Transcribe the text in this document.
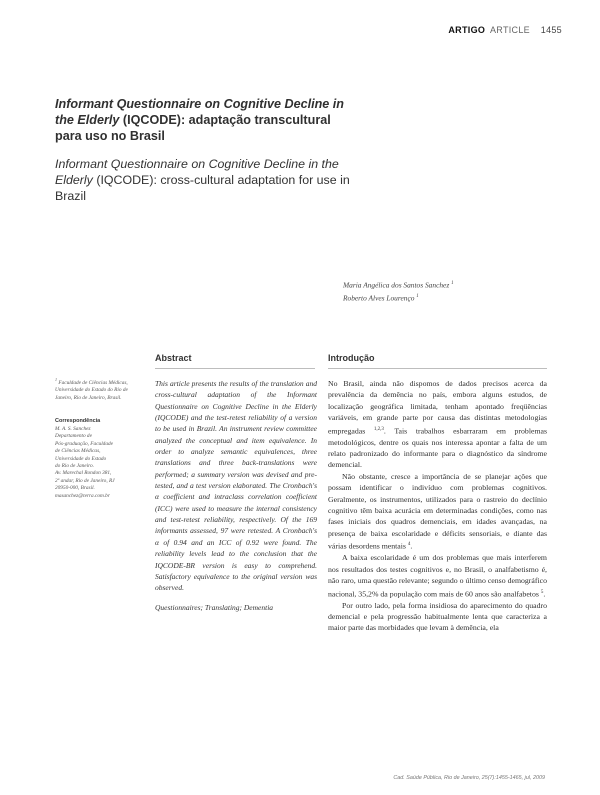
ARTIGO ARTICLE 1455
Informant Questionnaire on Cognitive Decline in the Elderly (IQCODE): adaptação transcultural para uso no Brasil
Informant Questionnaire on Cognitive Decline in the Elderly (IQCODE): cross-cultural adaptation for use in Brazil
Maria Angélica dos Santos Sanchez $^1$
Roberto Alves Lourenço $^1$
Abstract	Introdução
$^1$ Faculdade de Ciências Médicas, Universidade do Estado do Rio de Janeiro, Rio de Janeiro, Brasil.
Correspondência
M. A. S. Sanchez
Departamento de
Pós-graduação, Faculdade
de Ciências Médicas,
Universidade do Estado
do Rio de Janeiro.
Av. Marechal Rondon 381,
2º andar, Rio de Janeiro, RJ
20950-000, Brasil.
masanchez@terra.com.br

This article presents the results of the translation and cross-cultural adaptation of the Informant Questionnaire on Cognitive Decline in the Elderly (IQCODE) and the test-retest reliability of a version to be used in Brazil. An instrument review committee analyzed the conceptual and item equivalence. In order to analyze semantic equivalences, three translations and three back-translations were performed; a summary version was devised and pre-tested, and a test version elaborated. The Cronbach's α coefficient and intraclass correlation coefficient (ICC) were used to measure the internal consistency and test-retest reliability, respectively. Of the 169 informants assessed, 97 were retested. A Cronbach's α of 0.94 and an ICC of 0.92 were found. The reliability levels lead to the conclusion that the IQCODE-BR version is easy to comprehend. Satisfactory equivalence to the original version was observed.

Questionnaires; Translating; Dementia

No Brasil, ainda não dispomos de dados precisos acerca da prevalência da demência no país, embora alguns estudos, de localização geográfica limitada, tenham apontado freqüências variáveis, em grande parte por causa das distintas metodologias empregadas $^{1,2,3}$. Tais trabalhos esbarraram em problemas metodológicos, dentre os quais nos interessa apontar a falta de um relato padronizado do informante para o diagnóstico da síndrome demencial.

Não obstante, cresce a importância de se planejar ações que possam identificar o indivíduo com problemas cognitivos. Geralmente, os instrumentos, utilizados para o rastreio do declínio cognitivo têm baixa acurácia em determinadas condições, como nas fases iniciais dos quadros demenciais, em idades avançadas, na presença de baixa escolaridade e déficits sensoriais, e diante das várias desordens mentais $^4$.

A baixa escolaridade é um dos problemas que mais interferem nos resultados dos testes cognitivos e, no Brasil, o analfabetismo é, não raro, uma questão relevante; segundo o último censo demográfico nacional, 35,2% da população com mais de 60 anos são analfabetos $^5$.

Por outro lado, pela forma insidiosa do aparecimento do quadro demencial e pela progressão habitualmente lenta que caracteriza a maior parte das morbidades que levam à demência, ela

Cad. Saúde Pública, Rio de Janeiro, 25(7):1455-1465, jul, 2009
